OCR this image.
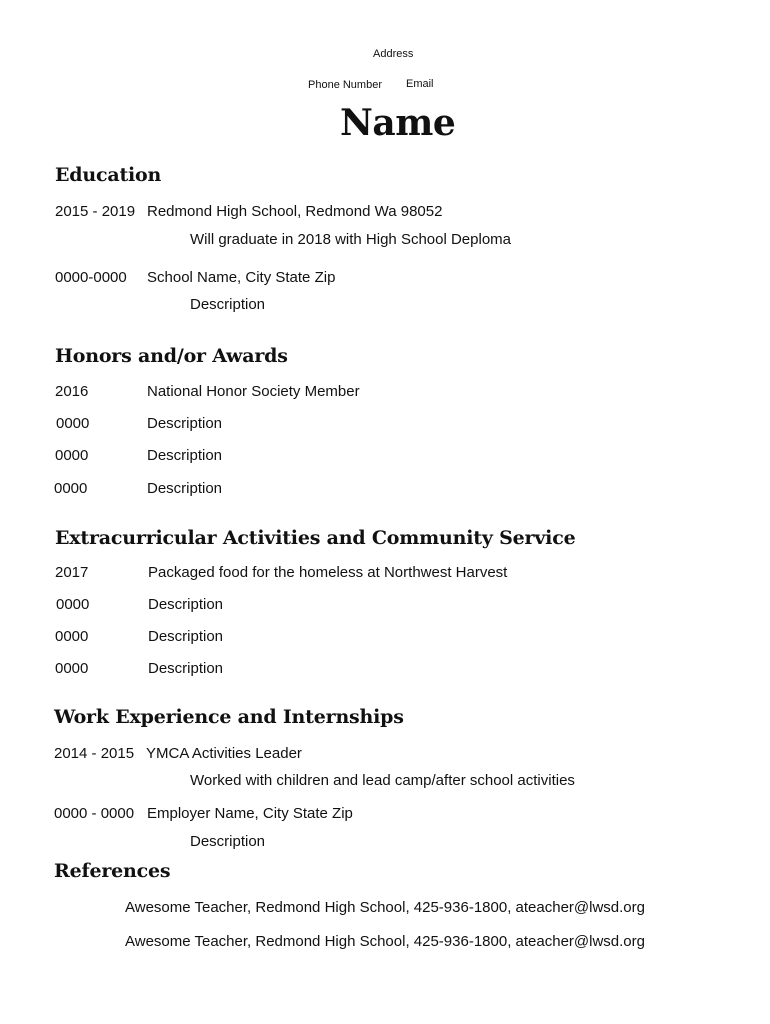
Address
Phone Number Email
Name
Education
2015 - 2019 Redmond High School, Redmond Wa 98052
Will graduate in 2018 with High School Deploma
0000-0000 School Name, City State Zip
Description
Honors and/or Awards
2016	National Honor Society Member
0000	Description
0000	Description
0000	Description
Extracurricular Activities and Community Service
2017	Packaged food for the homeless at Northwest Harvest
0000	Description
0000	Description
0000	Description
Work Experience and Internships
2014 - 2015 YMCA Activities Leader
Worked with children and lead camp/after school activities
0000 - 0000 Employer Name, City State Zip
Description
References
Awesome Teacher, Redmond High School, 425-936-1800, ateacher@lwsd.org
Awesome Teacher, Redmond High School, 425-936-1800, ateacher@lwsd.org
